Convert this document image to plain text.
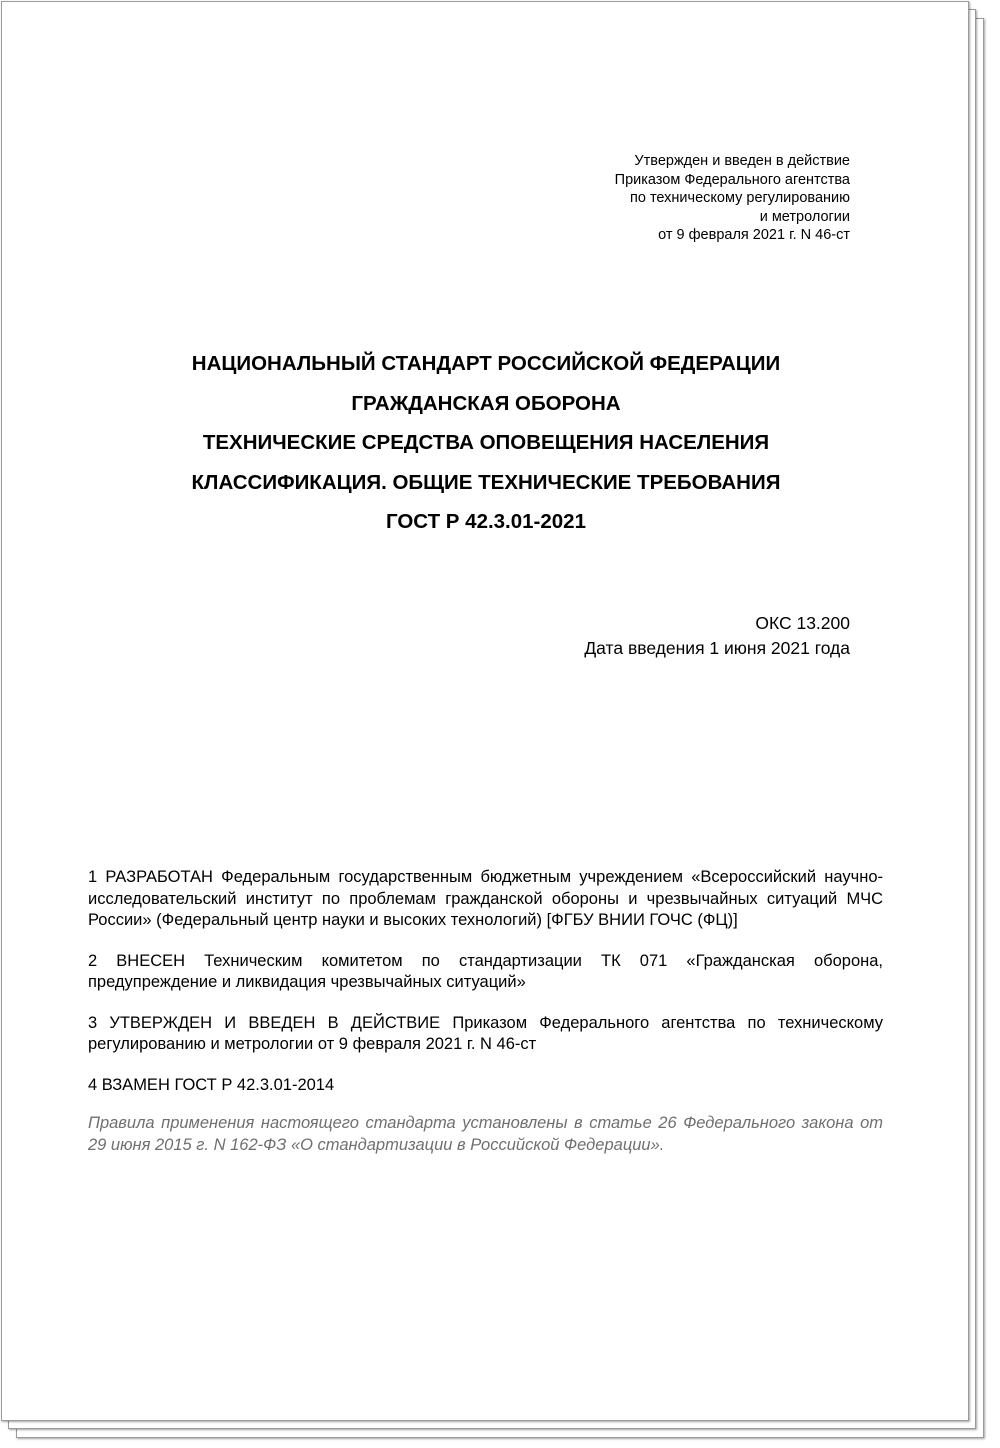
Утвержден и введен в действие
Приказом Федерального агентства
по техническому регулированию
и метрологии
от 9 февраля 2021 г. N 46-ст
НАЦИОНАЛЬНЫЙ СТАНДАРТ РОССИЙСКОЙ ФЕДЕРАЦИИ
ГРАЖДАНСКАЯ ОБОРОНА
ТЕХНИЧЕСКИЕ СРЕДСТВА ОПОВЕЩЕНИЯ НАСЕЛЕНИЯ
КЛАССИФИКАЦИЯ. ОБЩИЕ ТЕХНИЧЕСКИЕ ТРЕБОВАНИЯ
ГОСТ Р 42.3.01-2021
ОКС 13.200
Дата введения 1 июня 2021 года

1 РАЗРАБОТАН Федеральным государственным бюджетным учреждением «Всероссийский научно-исследовательский институт по проблемам гражданской обороны и чрезвычайных ситуаций МЧС России» (Федеральный центр науки и высоких технологий) [ФГБУ ВНИИ ГОЧС (ФЦ)]

2 ВНЕСЕН Техническим комитетом по стандартизации ТК 071 «Гражданская оборона, предупреждение и ликвидация чрезвычайных ситуаций»

3 УТВЕРЖДЕН И ВВЕДЕН В ДЕЙСТВИЕ Приказом Федерального агентства по техническому регулированию и метрологии от 9 февраля 2021 г. N 46-ст

4 ВЗАМЕН ГОСТ Р 42.3.01-2014

Правила применения настоящего стандарта установлены в статье 26 Федерального закона от 29 июня 2015 г. N 162-ФЗ «О стандартизации в Российской Федерации».
